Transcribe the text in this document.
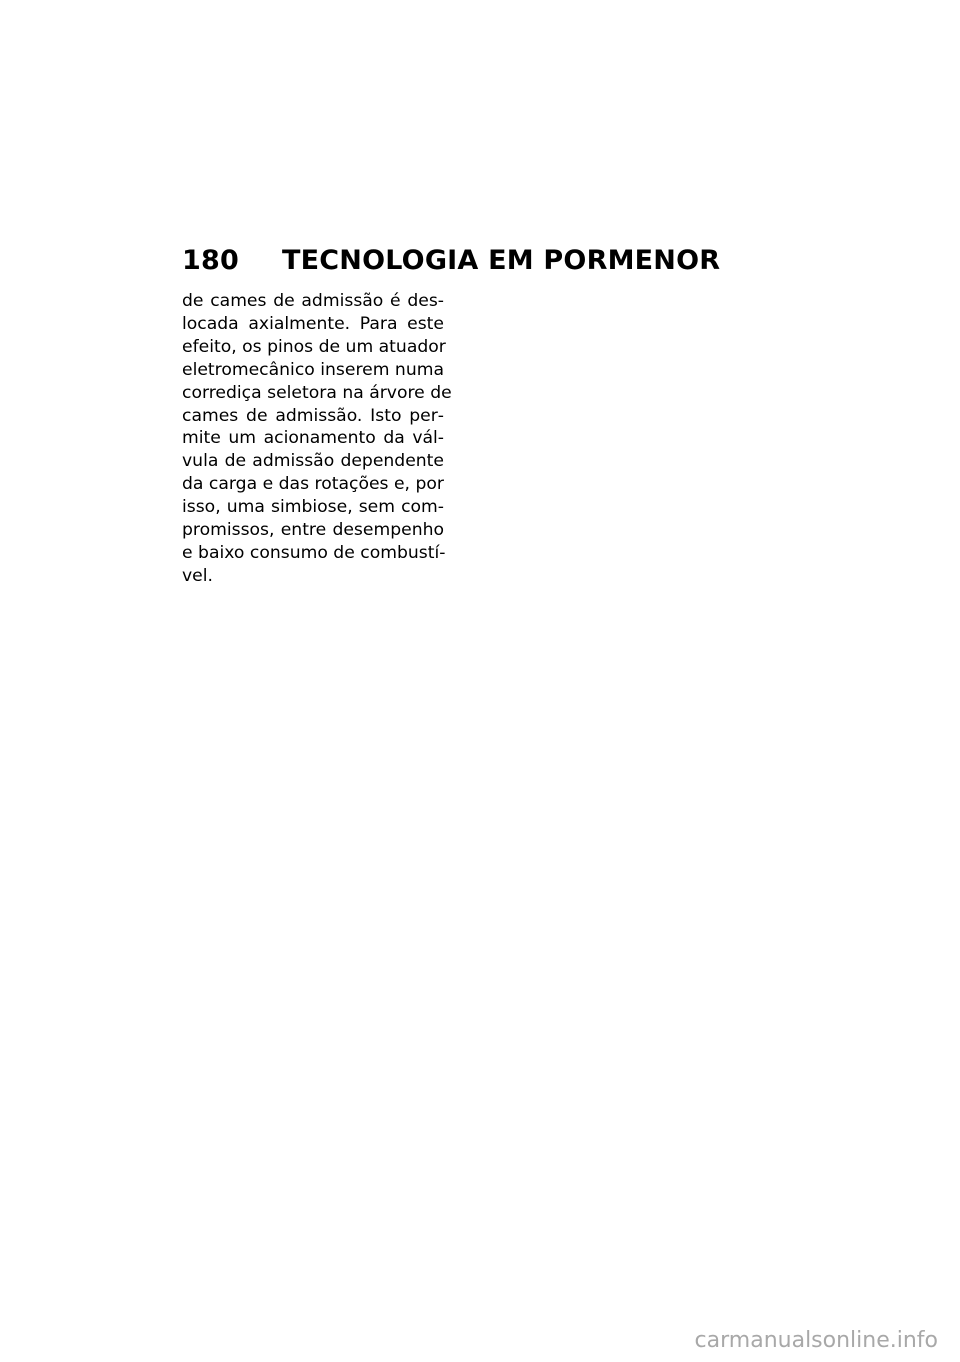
180	TECNOLOGIA EM PORMENOR
de cames de admissão é des‐
locada axialmente. Para este
efeito, os pinos de um atuador
eletromecânico inserem numa
corrediça seletora na árvore de
cames de admissão. Isto per‐
mite um acionamento da vál‐
vula de admissão dependente
da carga e das rotações e, por
isso, uma simbiose, sem com‐
promissos, entre desempenho
e baixo consumo de combustí‐
vel.
carmanualsonline.info
